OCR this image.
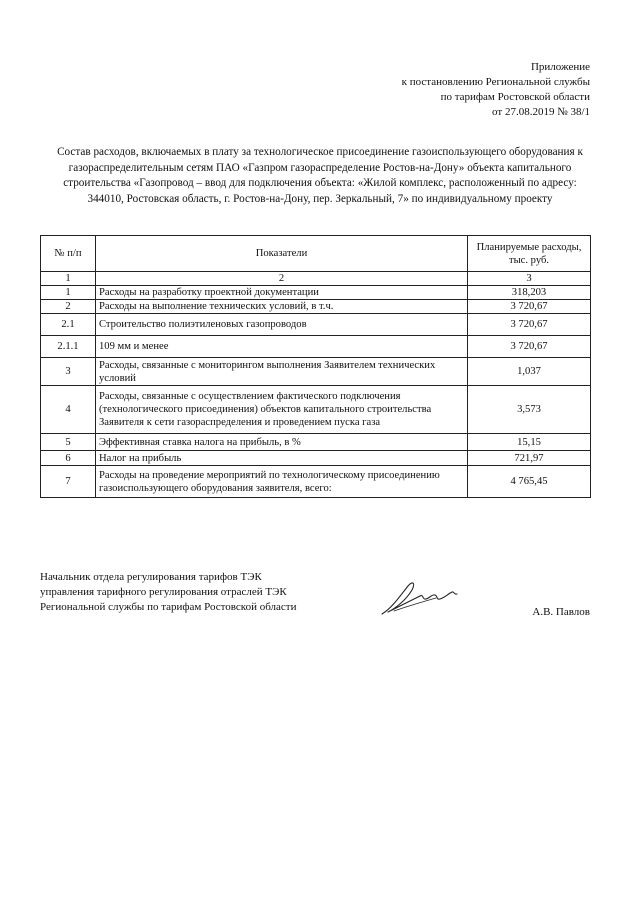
Приложение
к постановлению Региональной службы
по тарифам Ростовской области
от 27.08.2019 № 38/1
Состав расходов, включаемых в плату за технологическое присоединение газоиспользующего оборудования к
газораспределительным сетям ПАО «Газпром газораспределение Ростов-на-Дону» объекта капитального
строительства «Газопровод – ввод для подключения объекта: «Жилой комплекс, расположенный по адресу:
344010, Ростовская область, г. Ростов-на-Дону, пер. Зеркальный, 7» по индивидуальному проекту
№ п/п	Показатели	Планируемые расходы,
тыс. руб.

1	2	3
1	Расходы на разработку проектной документации	318,203
2	Расходы на выполнение технических условий, в т.ч.	3 720,67
2.1	Строительство полиэтиленовых газопроводов	3 720,67
2.1.1	109 мм и менее	3 720,67
3	Расходы, связанные с мониторингом выполнения Заявителем технических условий	1,037
4	Расходы, связанные с осуществлением фактического подключения (технологического присоединения) объектов капитального строительства Заявителя к сети газораспределения и проведением пуска газа	3,573
5	Эффективная ставка налога на прибыль, в %	15,15
6	Налог на прибыль	721,97
7	Расходы на проведение мероприятий по технологическому присоединению газоиспользующего оборудования заявителя, всего:	4 765,45
Начальник отдела регулирования тарифов ТЭК
управления тарифного регулирования отраслей ТЭК
Региональной службы по тарифам Ростовской области	А.В. Павлов
